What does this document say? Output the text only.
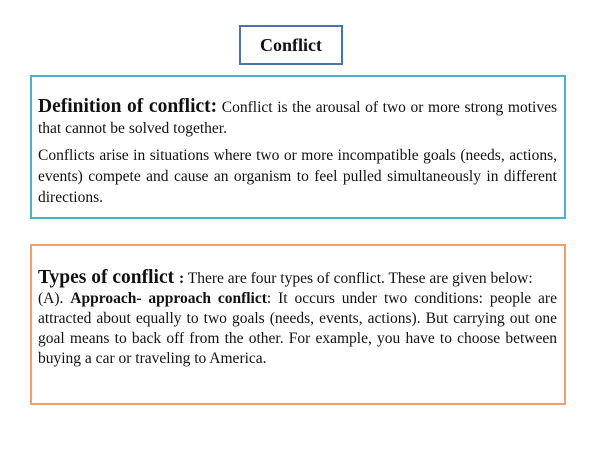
Conflict

Definition of conflict: Conflict is the arousal of two or more strong motives that cannot be solved together.

Conflicts arise in situations where two or more incompatible goals (needs, actions, events) compete and cause an organism to feel pulled simultaneously in different directions.

Types of conflict : There are four types of conflict. These are given below:

(A). Approach- approach conflict: It occurs under two conditions: people are attracted about equally to two goals (needs, events, actions). But carrying out one goal means to back off from the other. For example, you have to choose between buying a car or traveling to America.
